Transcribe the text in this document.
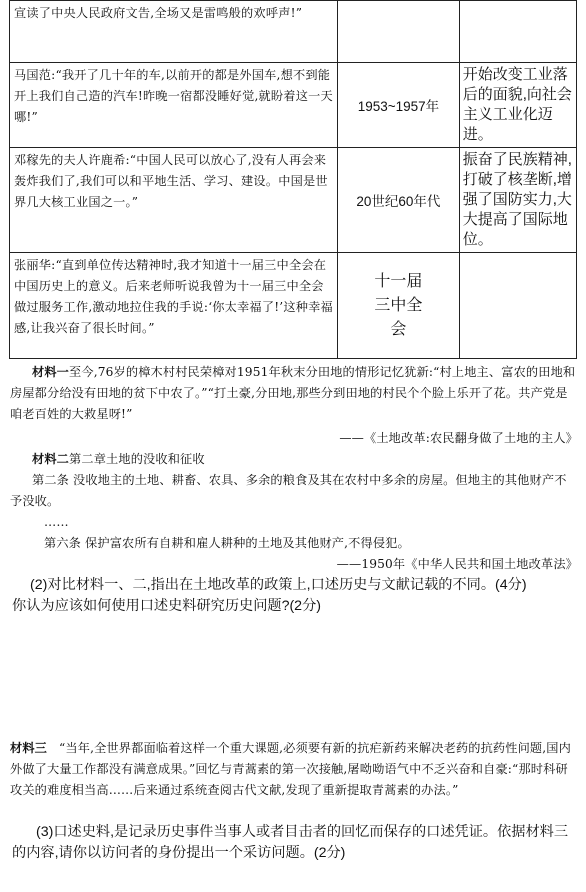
宣读了中央人民政府文告,全场又是雷鸣般的欢呼声!”		
马国范:“我开了几十年的车,以前开的都是外国车,想不到能开上我们自己造的汽车!昨晚一宿都没睡好觉,就盼着这一天哪!”	1953~1957年	开始改变工业落后的面貌,向社会主义工业化迈进。
邓稼先的夫人许鹿希:“中国人民可以放心了,没有人再会来轰炸我们了,我们可以和平地生活、学习、建设。中国是世界几大核工业国之一。”	20世纪60年代	振奋了民族精神,打破了核垄断,增强了国防实力,大大提高了国际地位。
张丽华:“直到单位传达精神时,我才知道十一届三中全会在中国历史上的意义。后来老师听说我曾为十一届三中全会做过服务工作,激动地拉住我的手说:‘你太幸福了!’这种幸福感,让我兴奋了很长时间。”	十一届三中全会	
材料一至今,76岁的樟木村村民荣樟对1951年秋末分田地的情形记忆犹新:“村上地主、富农的田地和房屋都分给没有田地的贫下中农了。”“打土豪,分田地,那些分到田地的村民个个脸上乐开了花。共产党是咱老百姓的大救星呀!”
——《土地改革:农民翻身做了土地的主人》
材料二第二章土地的没收和征收
第二条 没收地主的土地、耕畜、农具、多余的粮食及其在农村中多余的房屋。但地主的其他财产不予没收。
……
第六条 保护富农所有自耕和雇人耕种的土地及其他财产,不得侵犯。
——1950年《中华人民共和国土地改革法》
(2)对比材料一、二,指出在土地改革的政策上,口述历史与文献记载的不同。(4分)
你认为应该如何使用口述史料研究历史问题?(2分)
材料三 “当年,全世界都面临着这样一个重大课题,必须要有新的抗疟新药来解决老药的抗药性问题,国内外做了大量工作都没有满意成果。”回忆与青蒿素的第一次接触,屠呦呦语气中不乏兴奋和自豪:“那时科研攻关的难度相当高……后来通过系统查阅古代文献,发现了重新提取青蒿素的办法。”
(3)口述史料,是记录历史事件当事人或者目击者的回忆而保存的口述凭证。依据材料三的内容,请你以访问者的身份提出一个采访问题。(2分)
